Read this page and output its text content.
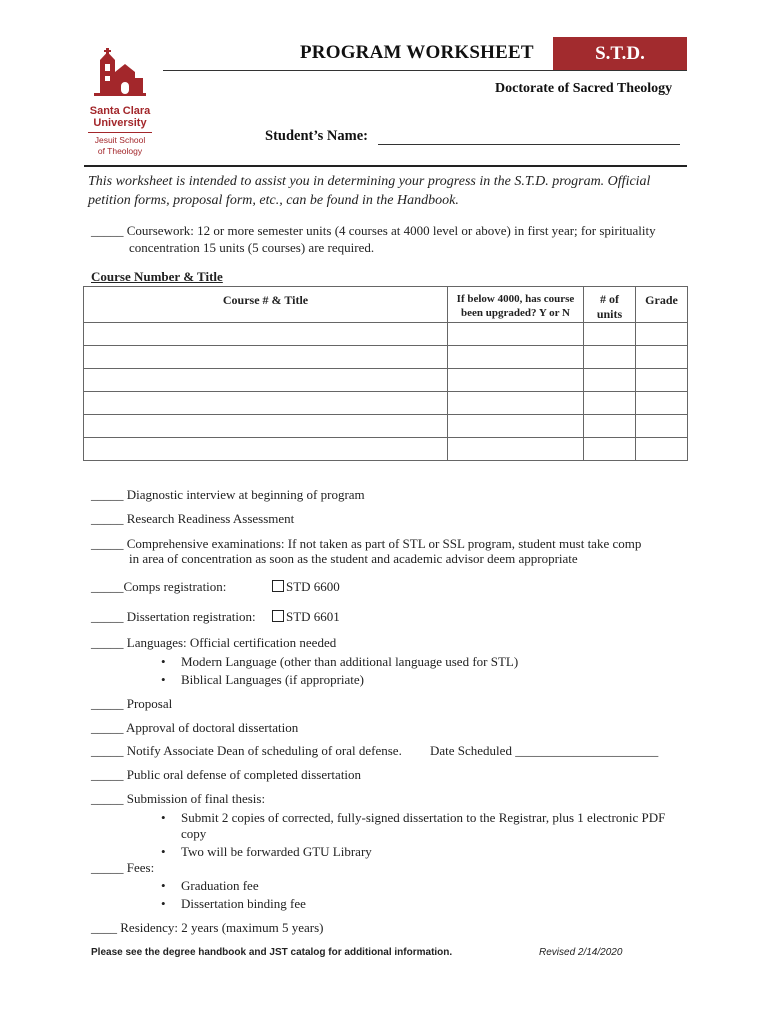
Santa Clara
University
Jesuit School
of Theology
PROGRAM WORKSHEET	S.T.D.
Doctorate of Sacred Theology
Student’s Name:
This worksheet is intended to assist you in determining your progress in the S.T.D. program. Official petition forms, proposal form, etc., can be found in the Handbook.
_____ Coursework: 12 or more semester units (4 courses at 4000 level or above) in first year; for spirituality
concentration 15 units (5 courses) are required.
Course Number & Title
Course # & Title	If below 4000, has course been upgraded? Y or N	# of units	Grade

_____ Diagnostic interview at beginning of program
_____ Research Readiness Assessment
_____ Comprehensive examinations: If not taken as part of STL or SSL program, student must take comp
in area of concentration as soon as the student and academic advisor deem appropriate
_____Comps registration:	STD 6600
_____ Dissertation registration:	STD 6601
_____ Languages: Official certification needed
• Modern Language (other than additional language used for STL)
• Biblical Languages (if appropriate)
_____ Proposal
_____ Approval of doctoral dissertation
_____ Notify Associate Dean of scheduling of oral defense. Date Scheduled ______________________
_____ Public oral defense of completed dissertation
_____ Submission of final thesis:
• Submit 2 copies of corrected, fully-signed dissertation to the Registrar, plus 1 electronic PDF
copy
• Two will be forwarded GTU Library
_____ Fees:
• Graduation fee
• Dissertation binding fee
____ Residency: 2 years (maximum 5 years)
Please see the degree handbook and JST catalog for additional information.	Revised 2/14/2020
